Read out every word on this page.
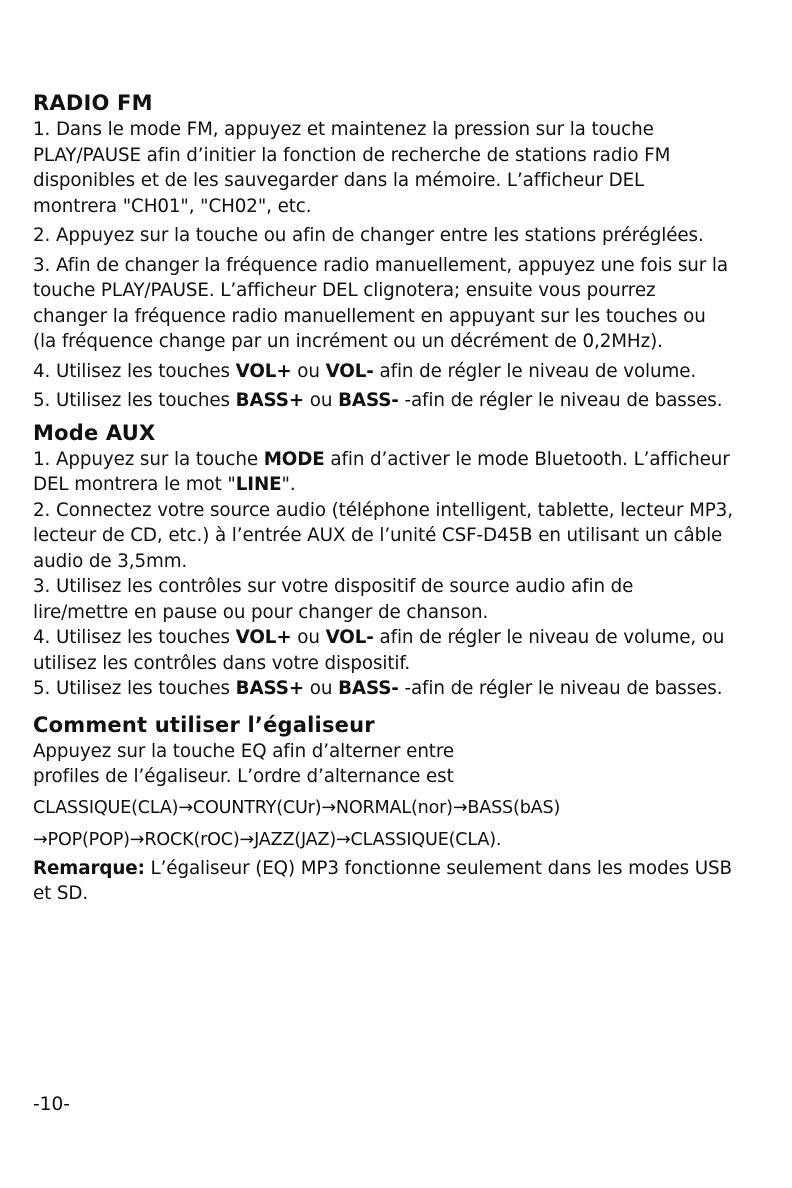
RADIO FM
1. Dans le mode FM, appuyez et maintenez la pression sur la touche PLAY/PAUSE afin d’initier la fonction de recherche de stations radio FM disponibles et de les sauvegarder dans la mémoire. L’afficheur DEL montrera "CH01", "CH02", etc.
2. Appuyez sur la touche ou afin de changer entre les stations préréglées.
3. Afin de changer la fréquence radio manuellement, appuyez une fois sur la touche PLAY/PAUSE. L’afficheur DEL clignotera; ensuite vous pourrez changer la fréquence radio manuellement en appuyant sur les touches ou (la fréquence change par un incrément ou un décrément de 0,2MHz).
4. Utilisez les touches VOL+ ou VOL- afin de régler le niveau de volume.
5. Utilisez les touches BASS+ ou BASS- -afin de régler le niveau de basses.
Mode AUX
1. Appuyez sur la touche MODE afin d’activer le mode Bluetooth. L’afficheur DEL montrera le mot "LINE".
2. Connectez votre source audio (téléphone intelligent, tablette, lecteur MP3, lecteur de CD, etc.) à l’entrée AUX de l’unité CSF-D45B en utilisant un câble audio de 3,5mm.
3. Utilisez les contrôles sur votre dispositif de source audio afin de lire/mettre en pause ou pour changer de chanson.
4. Utilisez les touches VOL+ ou VOL- afin de régler le niveau de volume, ou utilisez les contrôles dans votre dispositif.
5. Utilisez les touches BASS+ ou BASS- -afin de régler le niveau de basses.
Comment utiliser l’égaliseur
Appuyez sur la touche EQ afin d’alterner entre
profiles de l’égaliseur. L’ordre d’alternance est
CLASSIQUE(CLA)→COUNTRY(CUr)→NORMAL(nor)→BASS(bAS)
→POP(POP)→ROCK(rOC)→JAZZ(JAZ)→CLASSIQUE(CLA).
Remarque: L’égaliseur (EQ) MP3 fonctionne seulement dans les modes USB et SD.
-10-
